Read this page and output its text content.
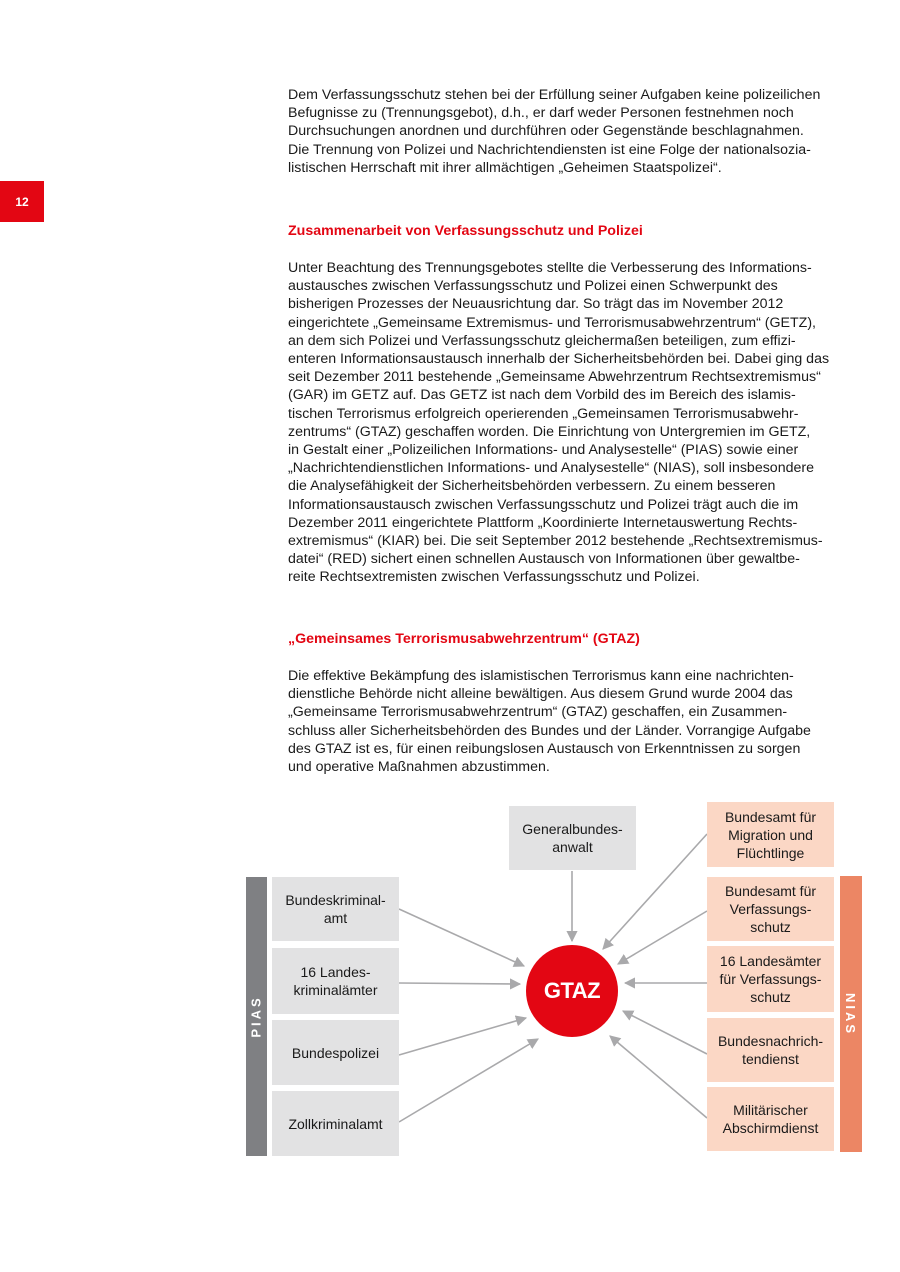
12

Dem Verfassungsschutz stehen bei der Erfüllung seiner Aufgaben keine polizeilichen

Befugnisse zu (Trennungsgebot), d.h., er darf weder Personen festnehmen noch

Durchsuchungen anordnen und durchführen oder Gegenstände beschlagnahmen.

Die Trennung von Polizei und Nachrichtendiensten ist eine Folge der nationalsozia-

listischen Herrschaft mit ihrer allmächtigen „Geheimen Staatspolizei“.

Zusammenarbeit von Verfassungsschutz und Polizei

Unter Beachtung des Trennungsgebotes stellte die Verbesserung des Informations-

austausches zwischen Verfassungsschutz und Polizei einen Schwerpunkt des

bisherigen Prozesses der Neuausrichtung dar. So trägt das im November 2012

eingerichtete „Gemeinsame Extremismus- und Terrorismusabwehrzentrum“ (GETZ),

an dem sich Polizei und Verfassungsschutz gleichermaßen beteiligen, zum effizi-

enteren Informationsaustausch innerhalb der Sicherheitsbehörden bei. Dabei ging das

seit Dezember 2011 bestehende „Gemeinsame Abwehrzentrum Rechtsextremismus“

(GAR) im GETZ auf. Das GETZ ist nach dem Vorbild des im Bereich des islamis-

tischen Terrorismus erfolgreich operierenden „Gemeinsamen Terrorismusabwehr-

zentrums“ (GTAZ) geschaffen worden. Die Einrichtung von Untergremien im GETZ,

in Gestalt einer „Polizeilichen Informations- und Analysestelle“ (PIAS) sowie einer

„Nachrichtendienstlichen Informations- und Analysestelle“ (NIAS), soll insbesondere

die Analysefähigkeit der Sicherheitsbehörden verbessern. Zu einem besseren

Informationsaustausch zwischen Verfassungsschutz und Polizei trägt auch die im

Dezember 2011 eingerichtete Plattform „Koordinierte Internetauswertung Rechts-

extremismus“ (KIAR) bei. Die seit September 2012 bestehende „Rechtsextremismus-

datei“ (RED) sichert einen schnellen Austausch von Informationen über gewaltbe-

reite Rechtsextremisten zwischen Verfassungsschutz und Polizei.

„Gemeinsames Terrorismusabwehrzentrum“ (GTAZ)

Die effektive Bekämpfung des islamistischen Terrorismus kann eine nachrichten-

dienstliche Behörde nicht alleine bewältigen. Aus diesem Grund wurde 2004 das

„Gemeinsame Terrorismusabwehrzentrum“ (GTAZ) geschaffen, ein Zusammen-

schluss aller Sicherheitsbehörden des Bundes und der Länder. Vorrangige Aufgabe

des GTAZ ist es, für einen reibungslosen Austausch von Erkenntnissen zu sorgen

und operative Maßnahmen abzustimmen.

PIAS	NIAS
GTAZ
Generalbundes-
anwalt
Bundeskriminal-
amt
16 Landes-
kriminalämter
Bundespolizei
Zollkriminalamt
Bundesamt für
Migration und
Flüchtlinge
Bundesamt für
Verfassungs-
schutz
16 Landesämter
für Verfassungs-
schutz
Bundesnachrich-
tendienst
Militärischer
Abschirmdienst
